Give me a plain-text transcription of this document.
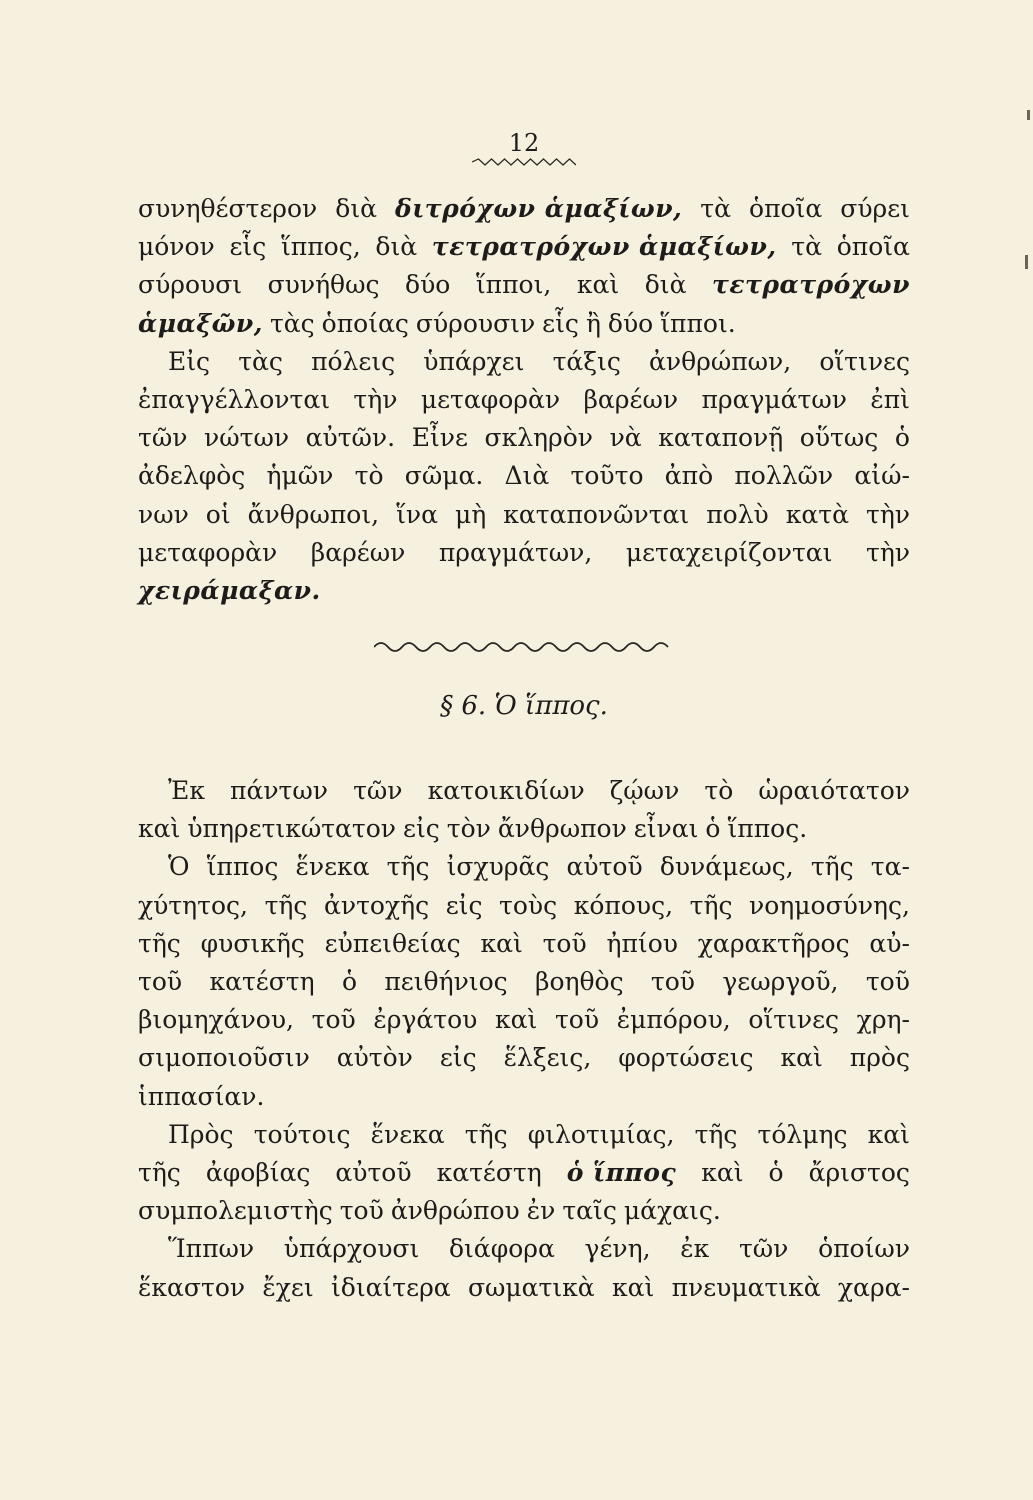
12
συνηθέστερον διὰ διτρόχων ἁμαξίων, τὰ ὁποῖα σύρει
μόνον εἷς ἵππος, διὰ τετρατρόχων ἁμαξίων, τὰ ὁποῖα
σύρουσι συνήθως δύο ἵπποι, καὶ διὰ τετρατρόχων
ἁμαξῶν, τὰς ὁποίας σύρουσιν εἷς ἢ δύο ἵπποι.
Εἰς τὰς πόλεις ὑπάρχει τάξις ἀνθρώπων, οἵτινες
ἐπαγγέλλονται τὴν μεταφορὰν βαρέων πραγμάτων ἐπὶ
τῶν νώτων αὐτῶν. Εἶνε σκληρὸν νὰ καταπονῇ οὕτως ὁ
ἀδελφὸς ἡμῶν τὸ σῶμα. Διὰ τοῦτο ἀπὸ πολλῶν αἰώ-
νων οἱ ἄνθρωποι, ἵνα μὴ καταπονῶνται πολὺ κατὰ τὴν
μεταφορὰν βαρέων πραγμάτων, μεταχειρίζονται τὴν
χειράμαξαν.
§ 6. Ὁ ἵππος.
Ἐκ πάντων τῶν κατοικιδίων ζῴων τὸ ὡραιότατον
καὶ ὑπηρετικώτατον εἰς τὸν ἄνθρωπον εἶναι ὁ ἵππος.
Ὁ ἵππος ἕνεκα τῆς ἰσχυρᾶς αὐτοῦ δυνάμεως, τῆς τα-
χύτητος, τῆς ἀντοχῆς εἰς τοὺς κόπους, τῆς νοημοσύνης,
τῆς φυσικῆς εὐπειθείας καὶ τοῦ ἠπίου χαρακτῆρος αὐ-
τοῦ κατέστη ὁ πειθήνιος βοηθὸς τοῦ γεωργοῦ, τοῦ
βιομηχάνου, τοῦ ἐργάτου καὶ τοῦ ἐμπόρου, οἵτινες χρη-
σιμοποιοῦσιν αὐτὸν εἰς ἕλξεις, φορτώσεις καὶ πρὸς
ἱππασίαν.
Πρὸς τούτοις ἕνεκα τῆς φιλοτιμίας, τῆς τόλμης καὶ
τῆς ἀφοβίας αὐτοῦ κατέστη ὁ ἵππος καὶ ὁ ἄριστος
συμπολεμιστὴς τοῦ ἀνθρώπου ἐν ταῖς μάχαις.
Ἵππων ὑπάρχουσι διάφορα γένη, ἐκ τῶν ὁποίων
ἕκαστον ἔχει ἰδιαίτερα σωματικὰ καὶ πνευματικὰ χαρα-
